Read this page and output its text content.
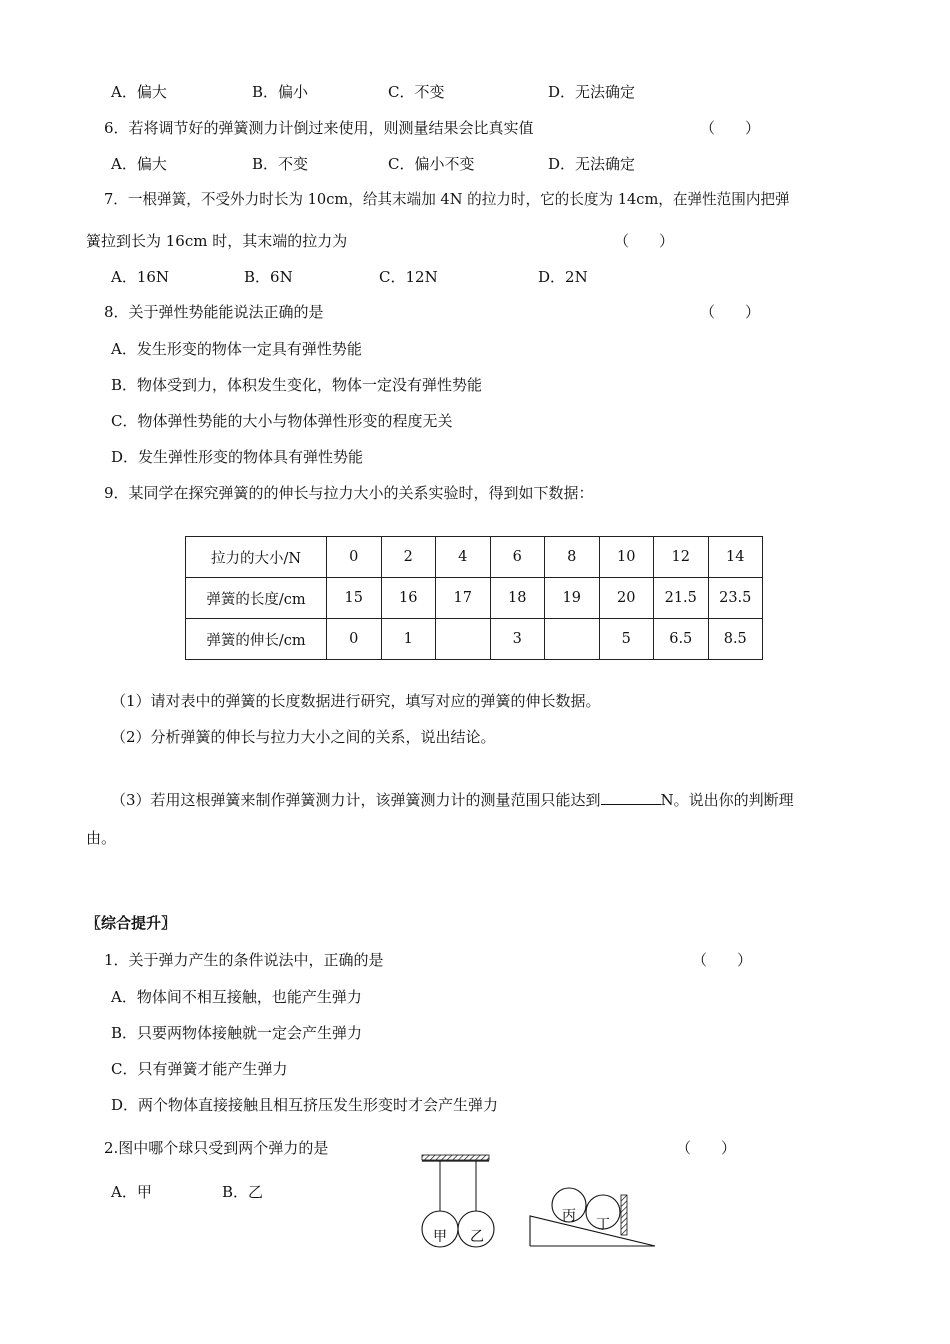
A．偏大	B．偏小	C．不变	D．无法确定
6．若将调节好的弹簧测力计倒过来使用，则测量结果会比真实值	（　　）
A．偏大	B．不变	C．偏小不变	D．无法确定
7．一根弹簧，不受外力时长为 10cm，给其末端加 4N 的拉力时，它的长度为 14cm，在弹性范围内把弹
簧拉到长为 16cm 时，其末端的拉力为	（　　）
A．16N	B．6N	C．12N	D．2N
8．关于弹性势能能说法正确的是	（　　）
A．发生形变的物体一定具有弹性势能
B．物体受到力，体积发生变化，物体一定没有弹性势能
C．物体弹性势能的大小与物体弹性形变的程度无关
D．发生弹性形变的物体具有弹性势能
9．某同学在探究弹簧的的伸长与拉力大小的关系实验时，得到如下数据：
拉力的大小/N	0	2	4	6	8	10	12	14
弹簧的长度/cm	15	16	17	18	19	20	21.5	23.5
弹簧的伸长/cm	0	1		3		5	6.5	8.5
（1）请对表中的弹簧的长度数据进行研究，填写对应的弹簧的伸长数据。
（2）分析弹簧的伸长与拉力大小之间的关系，说出结论。
（3）若用这根弹簧来制作弹簧测力计，该弹簧测力计的测量范围只能达到	N。说出你的判断理
由。
〖综合提升〗
1．关于弹力产生的条件说法中，正确的是	（　　）
A．物体间不相互接触，也能产生弹力
B．只要两物体接触就一定会产生弹力
C．只有弹簧才能产生弹力
D．两个物体直接接触且相互挤压发生形变时才会产生弹力
2.图中哪个球只受到两个弹力的是	（　　）
A．甲	B．乙
甲 乙
丙
丁
